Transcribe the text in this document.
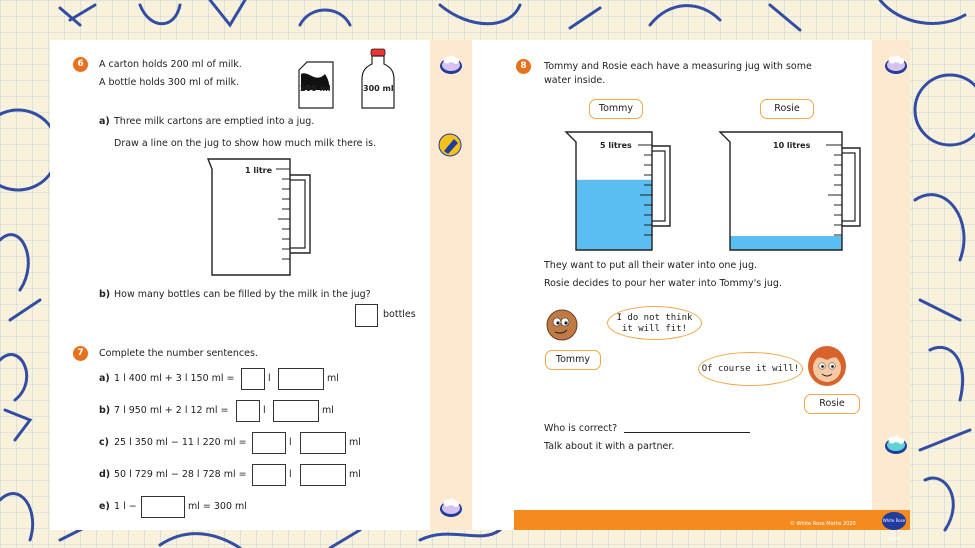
6	A carton holds 200 ml of milk.
A bottle holds 300 ml of milk.
200 ml	300 ml
a) Three milk cartons are emptied into a jug.
Draw a line on the jug to show how much milk there is.
1 litre
b) How many bottles can be filled by the milk in the jug?
bottles
7	Complete the number sentences.
a) 1 l 400 ml + 3 l 150 ml =	l	ml
b) 7 l 950 ml + 2 l 12 ml =	l	ml
c) 25 l 350 ml − 11 l 220 ml =	l	ml
d) 50 l 729 ml − 28 l 728 ml =	l	ml
e) 1 l −	ml = 300 ml
8	Tommy and Rosie each have a measuring jug with some
water inside.
Tommy	Rosie
5 litres	10 litres
They want to put all their water into one jug.
Rosie decides to pour her water into Tommy's jug.
I do not think
it will fit!
Tommy
Of course it will!
Rosie
Who is correct?
Talk about it with a partner.
© White Rose Maths 2020
White Rose Maths
